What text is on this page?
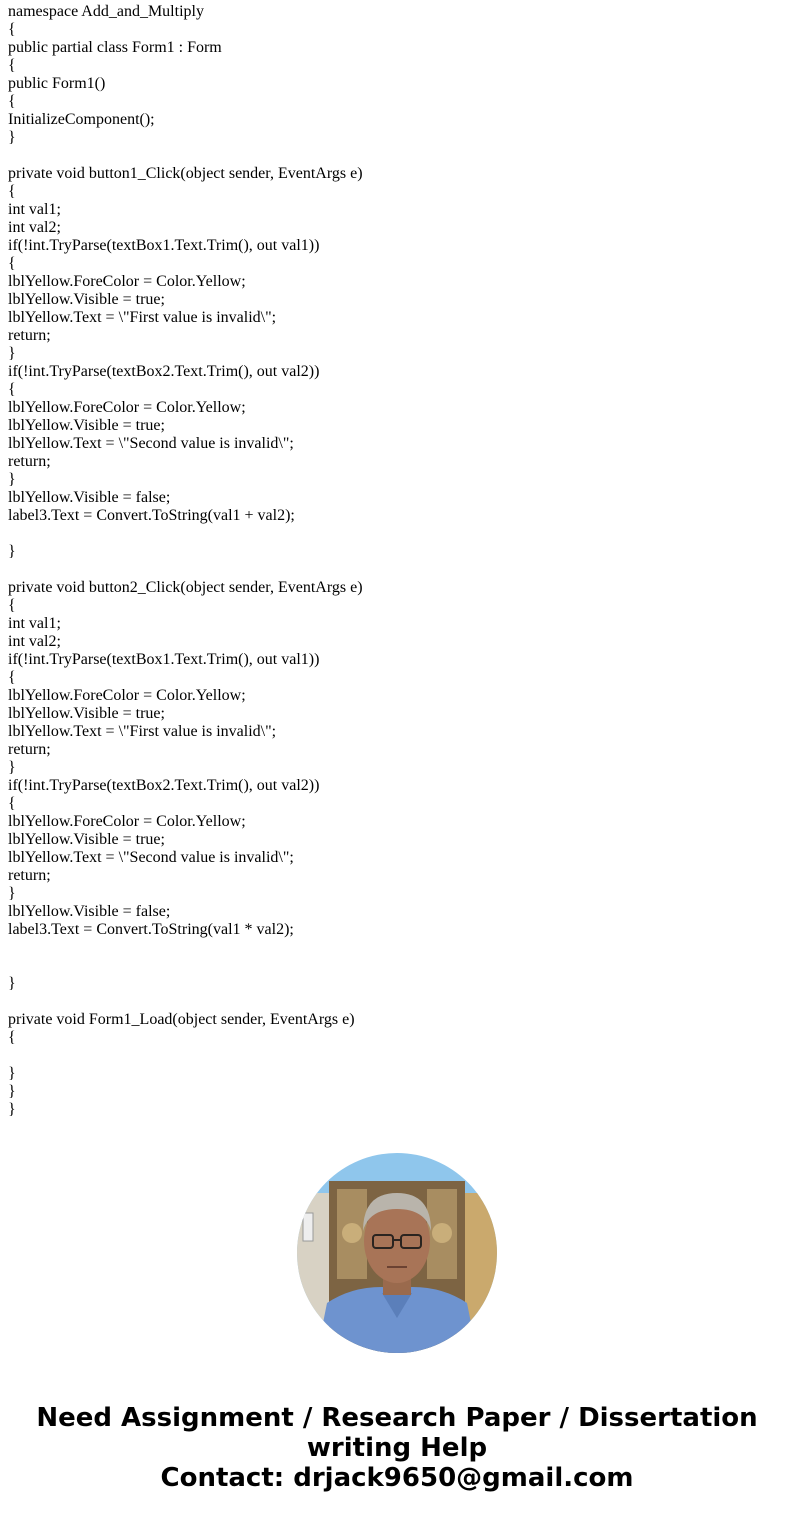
namespace Add_and_Multiply
{
public partial class Form1 : Form
{
public Form1()
{
InitializeComponent();
}
private void button1_Click(object sender, EventArgs e)
{
int val1;
int val2;
if(!int.TryParse(textBox1.Text.Trim(), out val1))
{
lblYellow.ForeColor = Color.Yellow;
lblYellow.Visible = true;
lblYellow.Text = \"First value is invalid\";
return;
}
if(!int.TryParse(textBox2.Text.Trim(), out val2))
{
lblYellow.ForeColor = Color.Yellow;
lblYellow.Visible = true;
lblYellow.Text = \"Second value is invalid\";
return;
}
lblYellow.Visible = false;
label3.Text = Convert.ToString(val1 + val2);
}
private void button2_Click(object sender, EventArgs e)
{
int val1;
int val2;
if(!int.TryParse(textBox1.Text.Trim(), out val1))
{
lblYellow.ForeColor = Color.Yellow;
lblYellow.Visible = true;
lblYellow.Text = \"First value is invalid\";
return;
}
if(!int.TryParse(textBox2.Text.Trim(), out val2))
{
lblYellow.ForeColor = Color.Yellow;
lblYellow.Visible = true;
lblYellow.Text = \"Second value is invalid\";
return;
}
lblYellow.Visible = false;
label3.Text = Convert.ToString(val1 * val2);
}
private void Form1_Load(object sender, EventArgs e)
{
}
}
}
Need Assignment / Research Paper / Dissertation
writing Help
Contact: drjack9650@gmail.com
